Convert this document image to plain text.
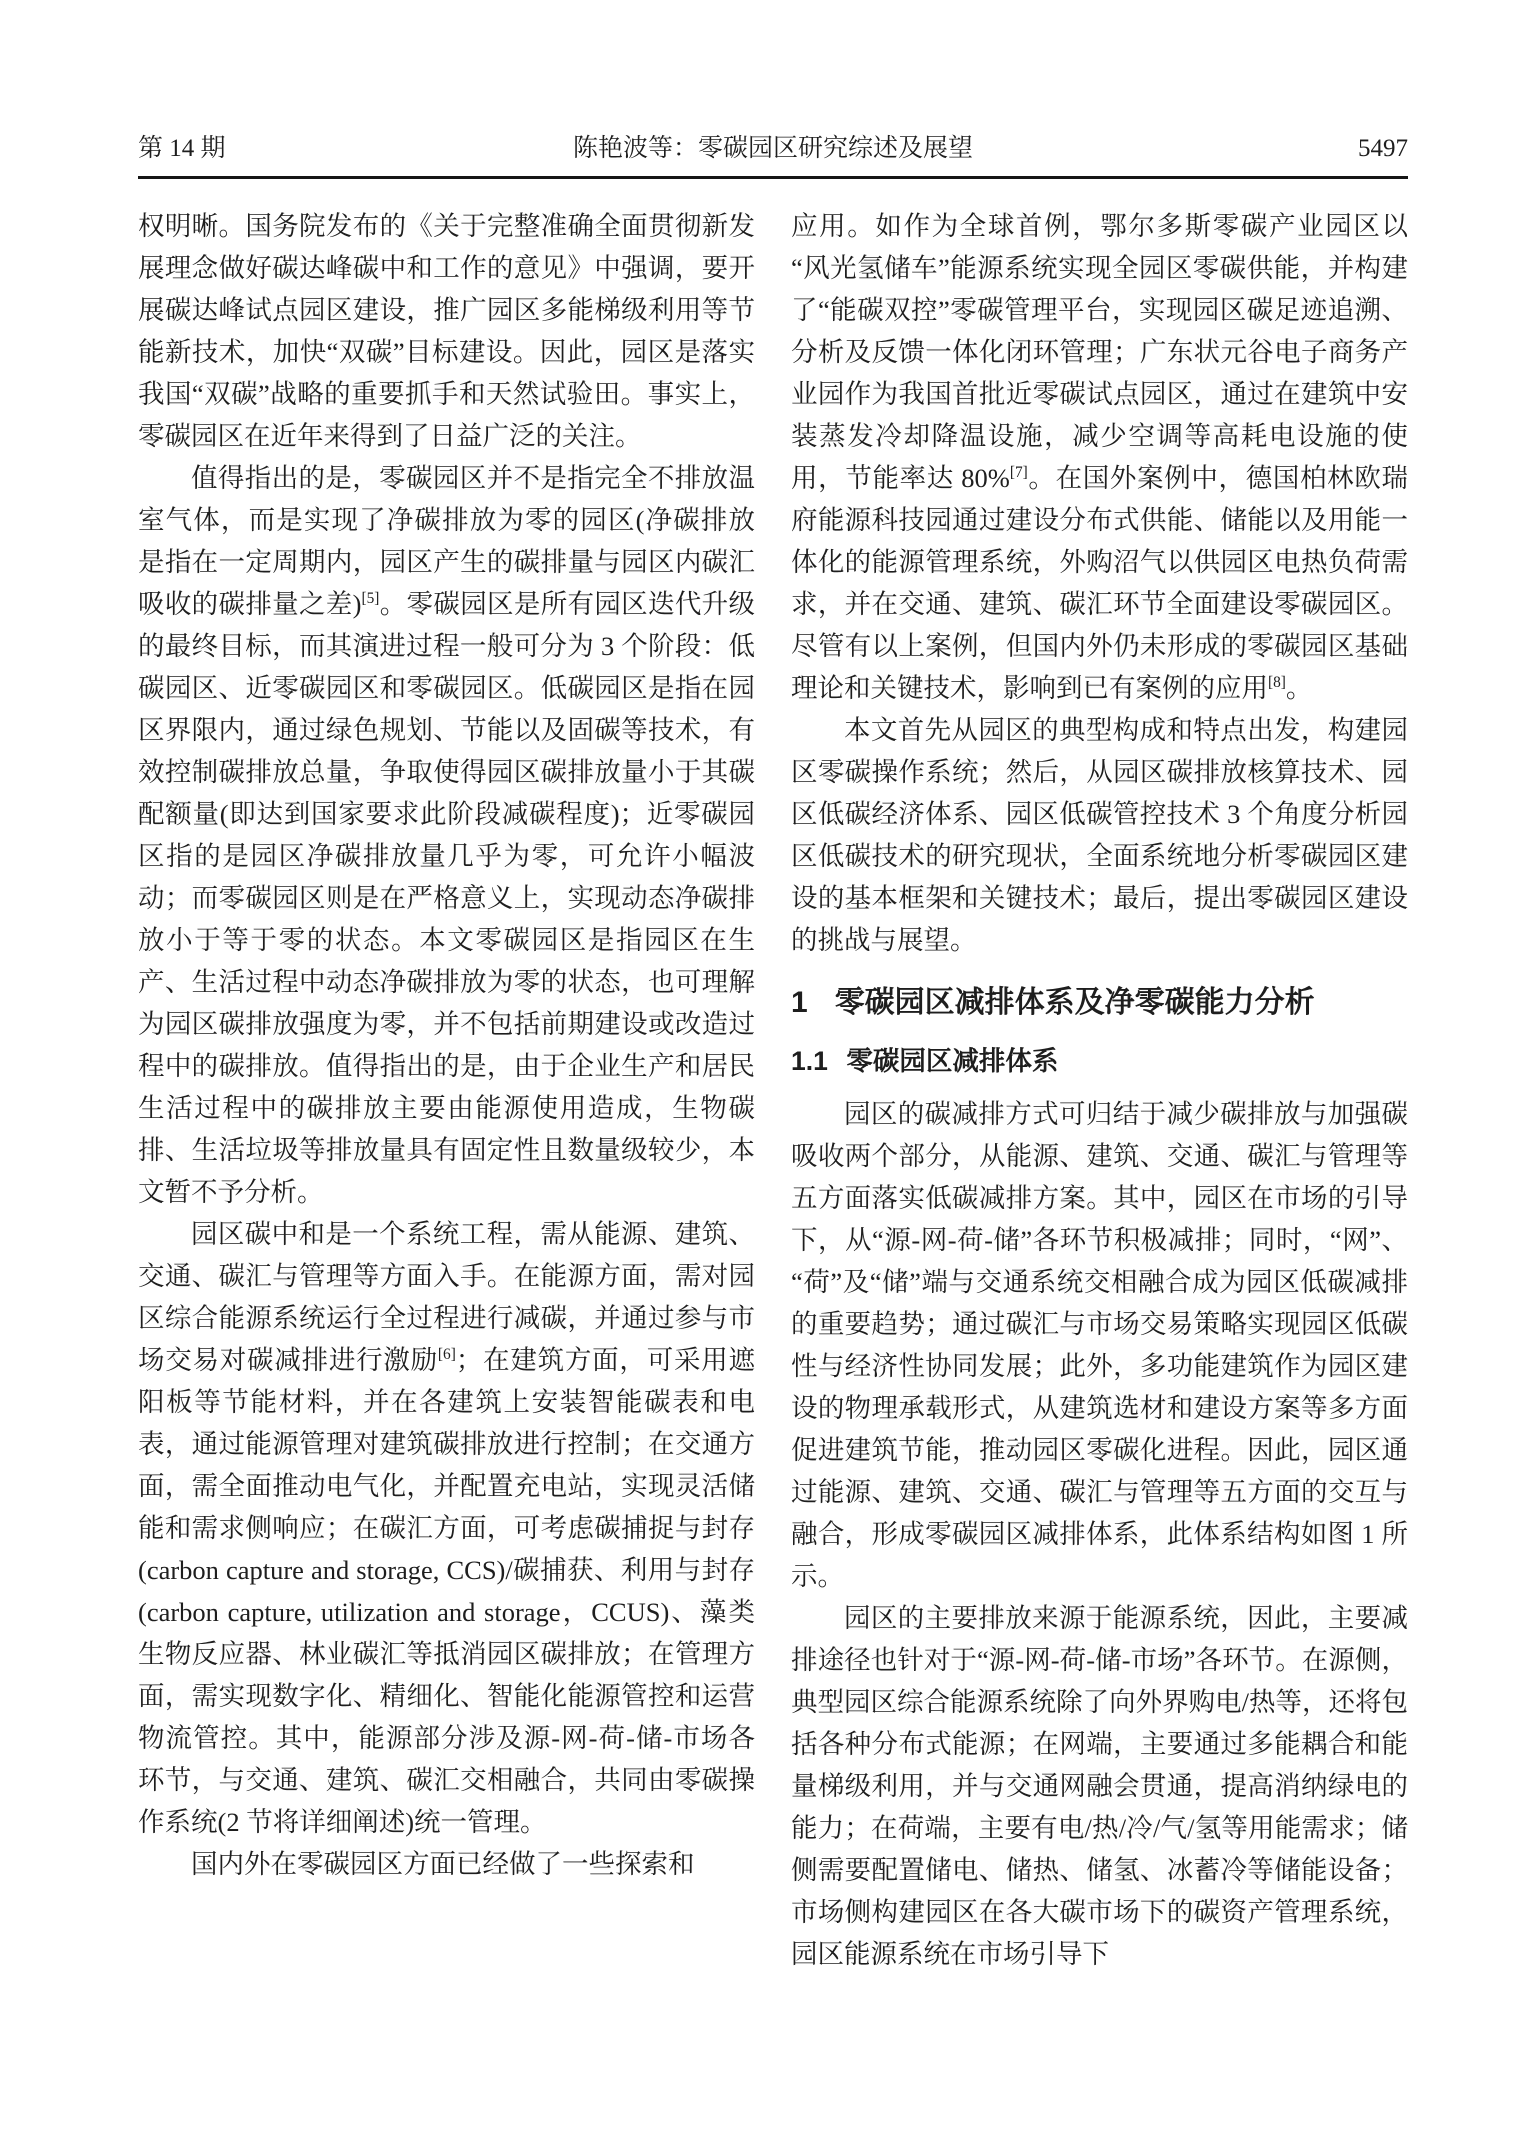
第 14 期	陈艳波等：零碳园区研究综述及展望	5497

权明晰。国务院发布的《关于完整准确全面贯彻新发展理念做好碳达峰碳中和工作的意见》中强调，要开展碳达峰试点园区建设，推广园区多能梯级利用等节能新技术，加快“双碳”目标建设。因此，园区是落实我国“双碳”战略的重要抓手和天然试验田。事实上，零碳园区在近年来得到了日益广泛的关注。

值得指出的是，零碳园区并不是指完全不排放温室气体，而是实现了净碳排放为零的园区(净碳排放是指在一定周期内，园区产生的碳排量与园区内碳汇吸收的碳排量之差)[5]。零碳园区是所有园区迭代升级的最终目标，而其演进过程一般可分为 3 个阶段：低碳园区、近零碳园区和零碳园区。低碳园区是指在园区界限内，通过绿色规划、节能以及固碳等技术，有效控制碳排放总量，争取使得园区碳排放量小于其碳配额量(即达到国家要求此阶段减碳程度)；近零碳园区指的是园区净碳排放量几乎为零，可允许小幅波动；而零碳园区则是在严格意义上，实现动态净碳排放小于等于零的状态。本文零碳园区是指园区在生产、生活过程中动态净碳排放为零的状态，也可理解为园区碳排放强度为零，并不包括前期建设或改造过程中的碳排放。值得指出的是，由于企业生产和居民生活过程中的碳排放主要由能源使用造成，生物碳排、生活垃圾等排放量具有固定性且数量级较少，本文暂不予分析。

园区碳中和是一个系统工程，需从能源、建筑、交通、碳汇与管理等方面入手。在能源方面，需对园区综合能源系统运行全过程进行减碳，并通过参与市场交易对碳减排进行激励[6]；在建筑方面，可采用遮阳板等节能材料，并在各建筑上安装智能碳表和电表，通过能源管理对建筑碳排放进行控制；在交通方面，需全面推动电气化，并配置充电站，实现灵活储能和需求侧响应；在碳汇方面，可考虑碳捕捉与封存(carbon capture and storage, CCS)/碳捕获、利用与封存(carbon capture, utilization and storage，CCUS)、藻类生物反应器、林业碳汇等抵消园区碳排放；在管理方面，需实现数字化、精细化、智能化能源管控和运营物流管控。其中，能源部分涉及源-网-荷-储-市场各环节，与交通、建筑、碳汇交相融合，共同由零碳操作系统(2 节将详细阐述)统一管理。

国内外在零碳园区方面已经做了一些探索和

应用。如作为全球首例，鄂尔多斯零碳产业园区以“风光氢储车”能源系统实现全园区零碳供能，并构建了“能碳双控”零碳管理平台，实现园区碳足迹追溯、分析及反馈一体化闭环管理；广东状元谷电子商务产业园作为我国首批近零碳试点园区，通过在建筑中安装蒸发冷却降温设施，减少空调等高耗电设施的使用，节能率达 80%[7]。在国外案例中，德国柏林欧瑞府能源科技园通过建设分布式供能、储能以及用能一体化的能源管理系统，外购沼气以供园区电热负荷需求，并在交通、建筑、碳汇环节全面建设零碳园区。尽管有以上案例，但国内外仍未形成的零碳园区基础理论和关键技术，影响到已有案例的应用[8]。

本文首先从园区的典型构成和特点出发，构建园区零碳操作系统；然后，从园区碳排放核算技术、园区低碳经济体系、园区低碳管控技术 3 个角度分析园区低碳技术的研究现状，全面系统地分析零碳园区建设的基本框架和关键技术；最后，提出零碳园区建设的挑战与展望。

1 零碳园区减排体系及净零碳能力分析
1.1 零碳园区减排体系

园区的碳减排方式可归结于减少碳排放与加强碳吸收两个部分，从能源、建筑、交通、碳汇与管理等五方面落实低碳减排方案。其中，园区在市场的引导下，从“源-网-荷-储”各环节积极减排；同时，“网”、“荷”及“储”端与交通系统交相融合成为园区低碳减排的重要趋势；通过碳汇与市场交易策略实现园区低碳性与经济性协同发展；此外，多功能建筑作为园区建设的物理承载形式，从建筑选材和建设方案等多方面促进建筑节能，推动园区零碳化进程。因此，园区通过能源、建筑、交通、碳汇与管理等五方面的交互与融合，形成零碳园区减排体系，此体系结构如图 1 所示。

园区的主要排放来源于能源系统，因此，主要减排途径也针对于“源-网-荷-储-市场”各环节。在源侧，典型园区综合能源系统除了向外界购电/热等，还将包括各种分布式能源；在网端，主要通过多能耦合和能量梯级利用，并与交通网融会贯通，提高消纳绿电的能力；在荷端，主要有电/热/冷/气/氢等用能需求；储侧需要配置储电、储热、储氢、冰蓄冷等储能设备；市场侧构建园区在各大碳市场下的碳资产管理系统，园区能源系统在市场引导下
